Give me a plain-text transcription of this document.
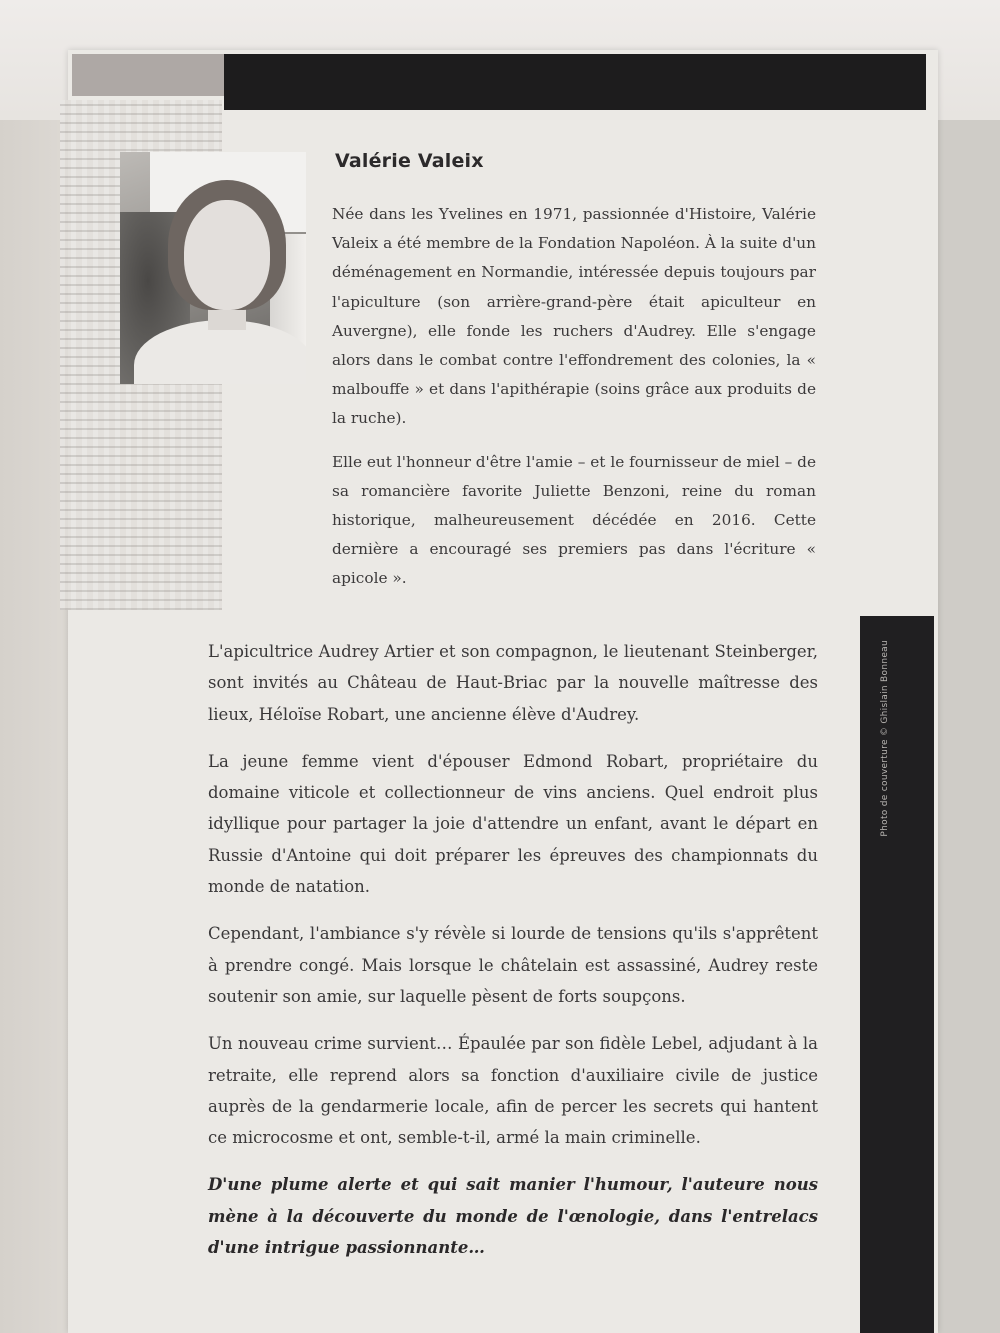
Valérie Valeix

Née dans les Yvelines en 1971, passionnée d'Histoire, Valérie Valeix a été membre de la Fondation Napoléon. À la suite d'un déménagement en Normandie, intéressée depuis toujours par l'apiculture (son arrière-grand-père était apiculteur en Auvergne), elle fonde les ruchers d'Audrey. Elle s'engage alors dans le combat contre l'effondrement des colonies, la « malbouffe » et dans l'apithérapie (soins grâce aux produits de la ruche).

Elle eut l'honneur d'être l'amie – et le fournisseur de miel – de sa romancière favorite Juliette Benzoni, reine du roman historique, malheureusement décédée en 2016. Cette dernière a encouragé ses premiers pas dans l'écriture « apicole ».

Photo de couverture © Ghislain Bonneau

L'apicultrice Audrey Artier et son compagnon, le lieutenant Steinberger, sont invités au Château de Haut-Briac par la nouvelle maîtresse des lieux, Héloïse Robart, une ancienne élève d'Audrey.

La jeune femme vient d'épouser Edmond Robart, propriétaire du domaine viticole et collectionneur de vins anciens. Quel endroit plus idyllique pour partager la joie d'attendre un enfant, avant le départ en Russie d'Antoine qui doit préparer les épreuves des championnats du monde de natation.

Cependant, l'ambiance s'y révèle si lourde de tensions qu'ils s'apprêtent à prendre congé. Mais lorsque le châtelain est assassiné, Audrey reste soutenir son amie, sur laquelle pèsent de forts soupçons.

Un nouveau crime survient… Épaulée par son fidèle Lebel, adjudant à la retraite, elle reprend alors sa fonction d'auxiliaire civile de justice auprès de la gendarmerie locale, afin de percer les secrets qui hantent ce microcosme et ont, semble-t-il, armé la main criminelle.

D'une plume alerte et qui sait manier l'humour, l'auteure nous mène à la découverte du monde de l'œnologie, dans l'entrelacs d'une intrigue passionnante…
